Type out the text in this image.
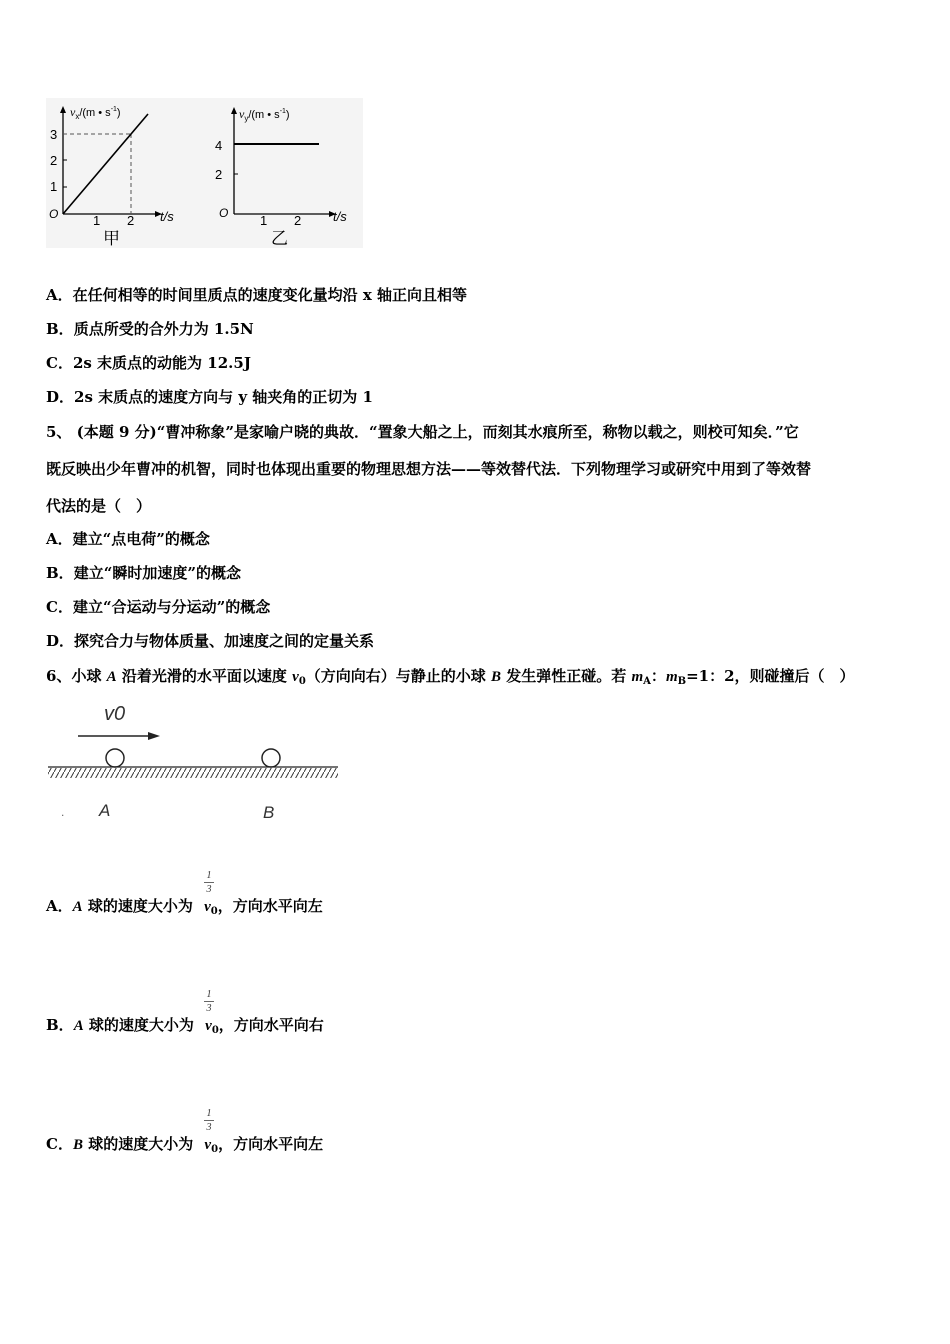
$v_x/(m$ • $s^{-1}$)
3
2
1
O	1 2 t/s
甲
$v_y/(m$ • $s^{-1}$)
4
2
O 1 2 t/s
乙
A．在任何相等的时间里质点的速度变化量均沿 x 轴正向且相等
B．质点所受的合外力为 1.5N
C．2s 末质点的动能为 12.5J
D．2s 末质点的速度方向与 y 轴夹角的正切为 1
5、 (本题 9 分)“曹冲称象”是家喻户晓的典故．“置象大船之上，而刻其水痕所至，称物以载之，则校可知矣．”它
既反映出少年曹冲的机智，同时也体现出重要的物理思想方法——等效替代法．下列物理学习或研究中用到了等效替
代法的是（　）
A．建立“点电荷”的概念
B．建立“瞬时加速度”的概念
C．建立“合运动与分运动”的概念
D．探究合力与物体质量、加速度之间的定量关系
6、小球 A 沿着光滑的水平面以速度 $v_0$（方向向右）与静止的小球 B 发生弹性正碰。若 $m_A$：$m_B=1$：2，则碰撞后（　）
v0
A	B
.
1
3
A．A 球的速度大小为 $v_0$，方向水平向左
1
3
B．A 球的速度大小为 $v_0$，方向水平向右
1
3
C．B 球的速度大小为 $v_0$，方向水平向左
